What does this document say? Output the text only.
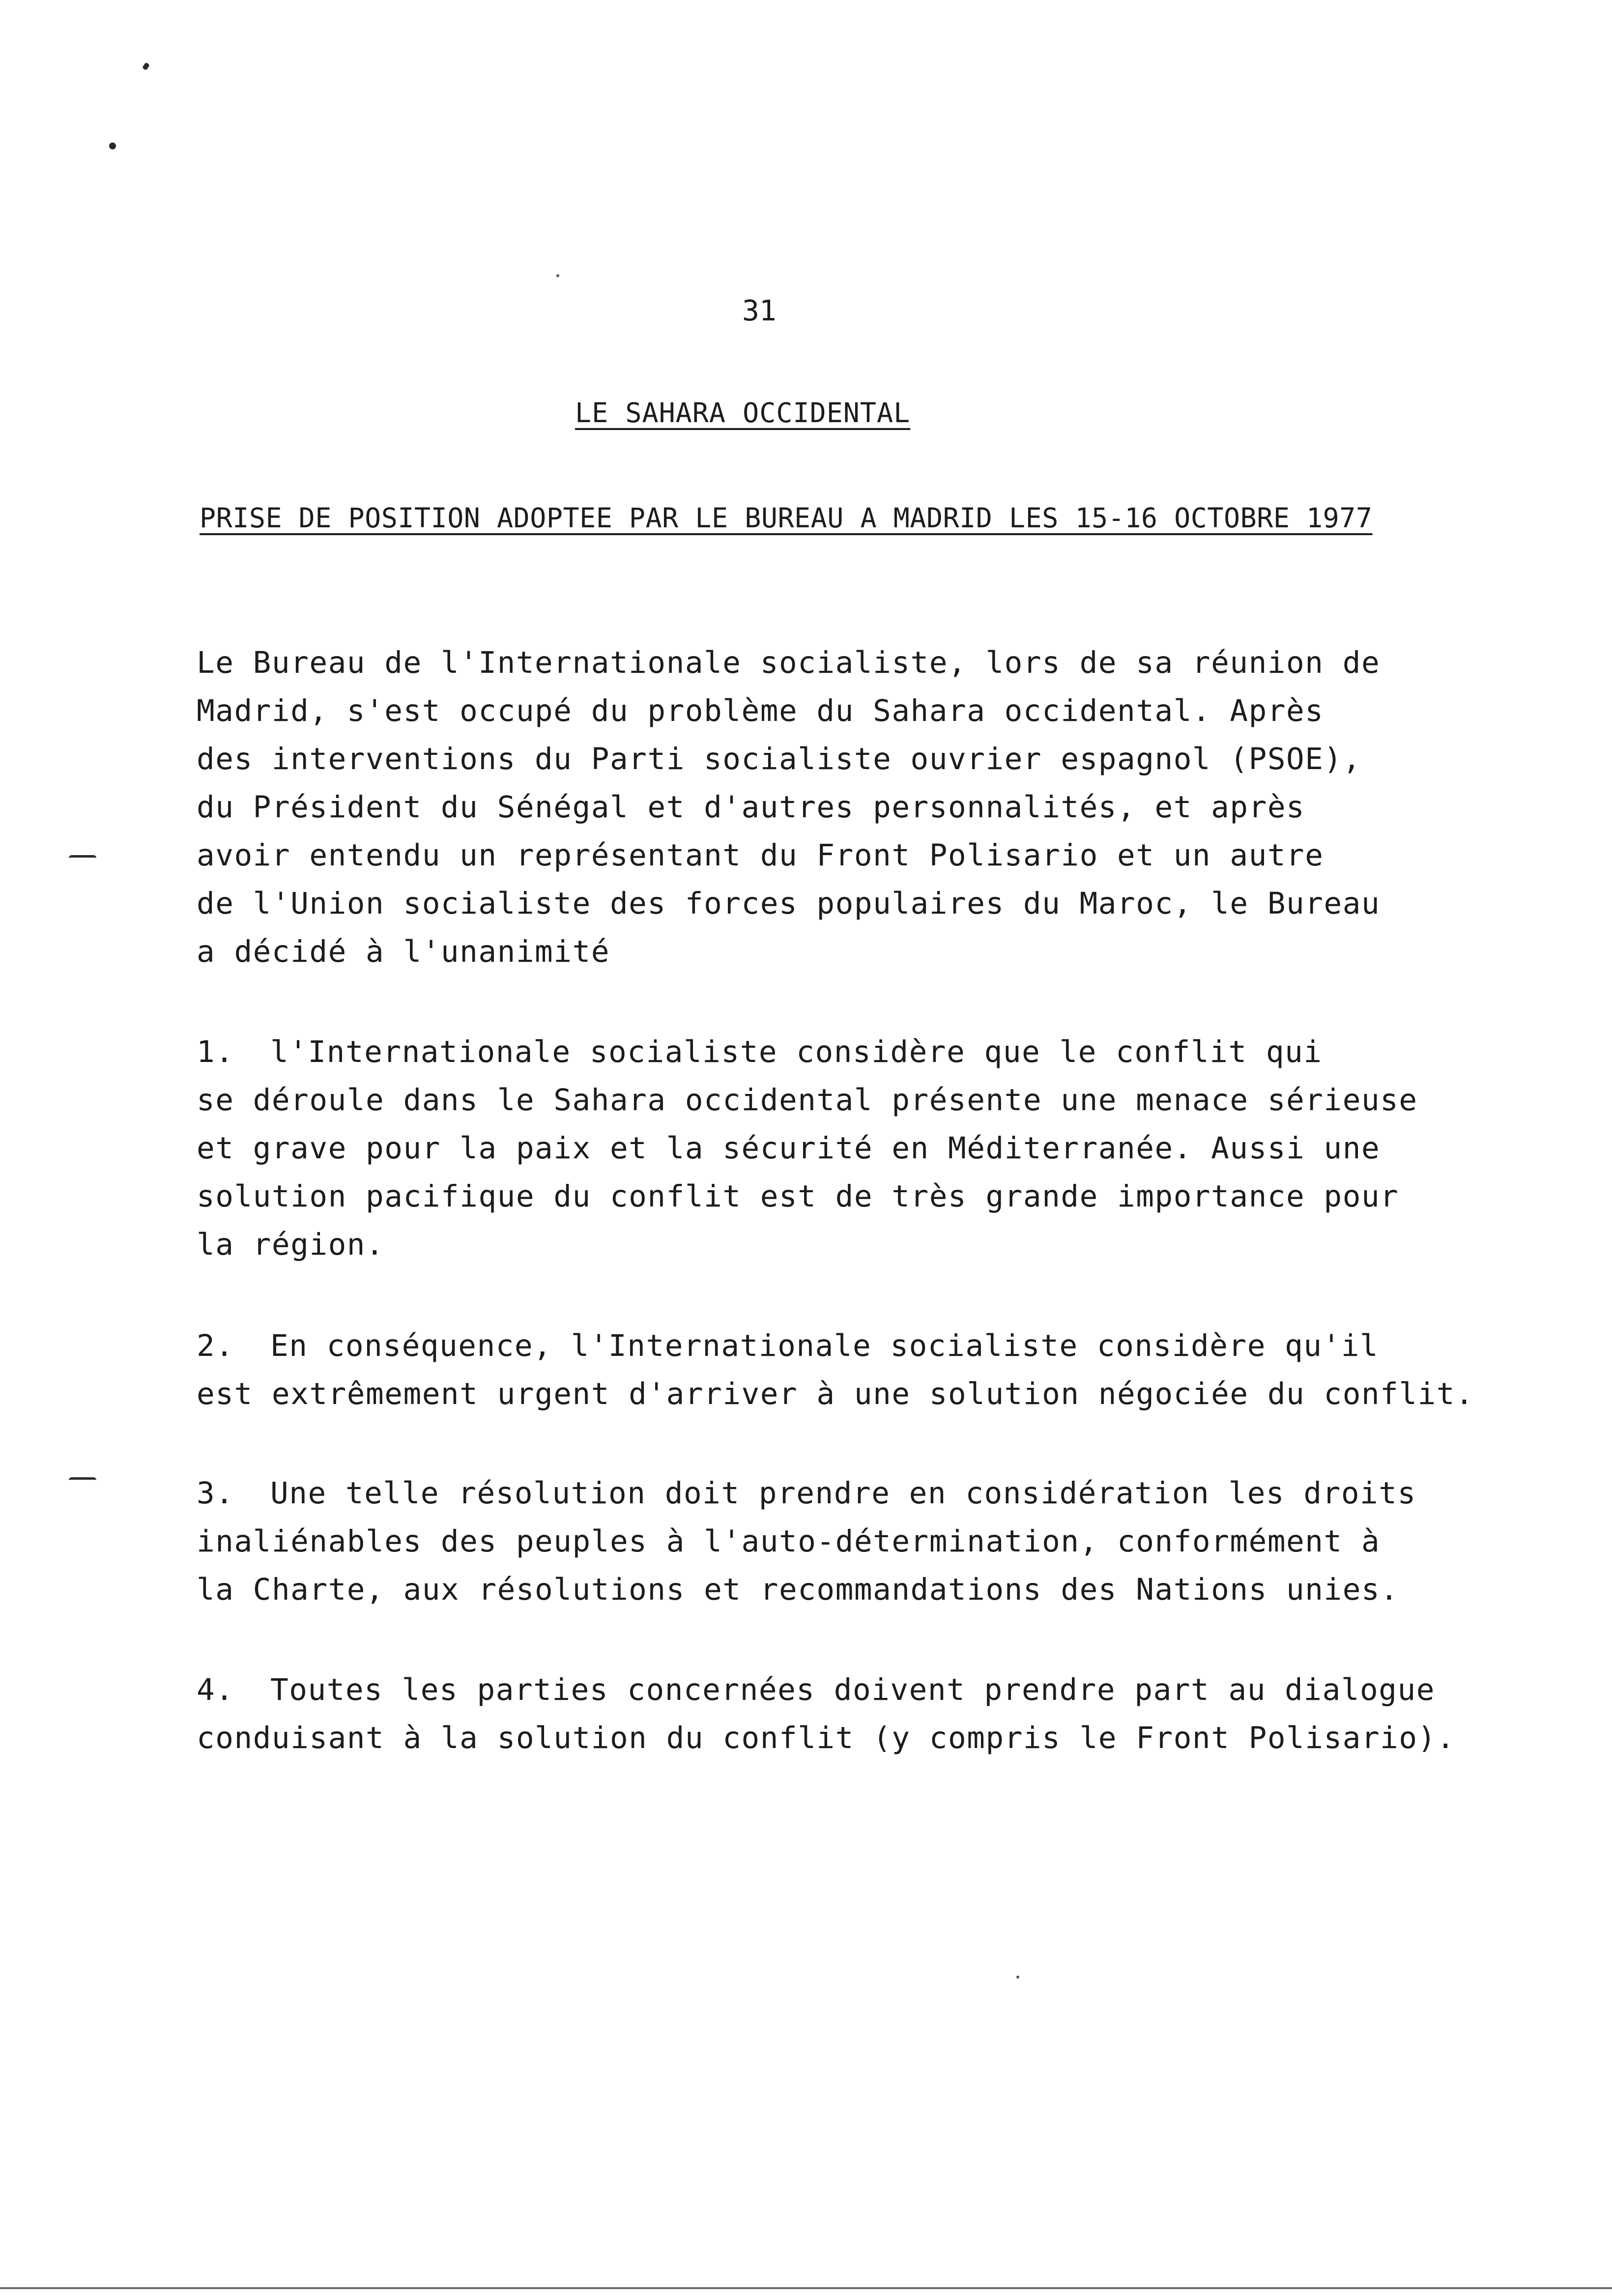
31
LE SAHARA OCCIDENTAL
PRISE DE POSITION ADOPTEE PAR LE BUREAU A MADRID LES 15-16 OCTOBRE 1977

Le Bureau de l'Internationale socialiste, lors de sa réunion de

Madrid, s'est occupé du problème du Sahara occidental. Après

des interventions du Parti socialiste ouvrier espagnol (PSOE),

du Président du Sénégal et d'autres personnalités, et après

avoir entendu un représentant du Front Polisario et un autre

de l'Union socialiste des forces populaires du Maroc, le Bureau

a décidé à l'unanimité

1. l'Internationale socialiste considère que le conflit qui

se déroule dans le Sahara occidental présente une menace sérieuse

et grave pour la paix et la sécurité en Méditerranée. Aussi une

solution pacifique du conflit est de très grande importance pour

la région.

2. En conséquence, l'Internationale socialiste considère qu'il

est extrêmement urgent d'arriver à une solution négociée du conflit.

3. Une telle résolution doit prendre en considération les droits

inaliénables des peuples à l'auto-détermination, conformément à

la Charte, aux résolutions et recommandations des Nations unies.

4. Toutes les parties concernées doivent prendre part au dialogue

conduisant à la solution du conflit (y compris le Front Polisario).
